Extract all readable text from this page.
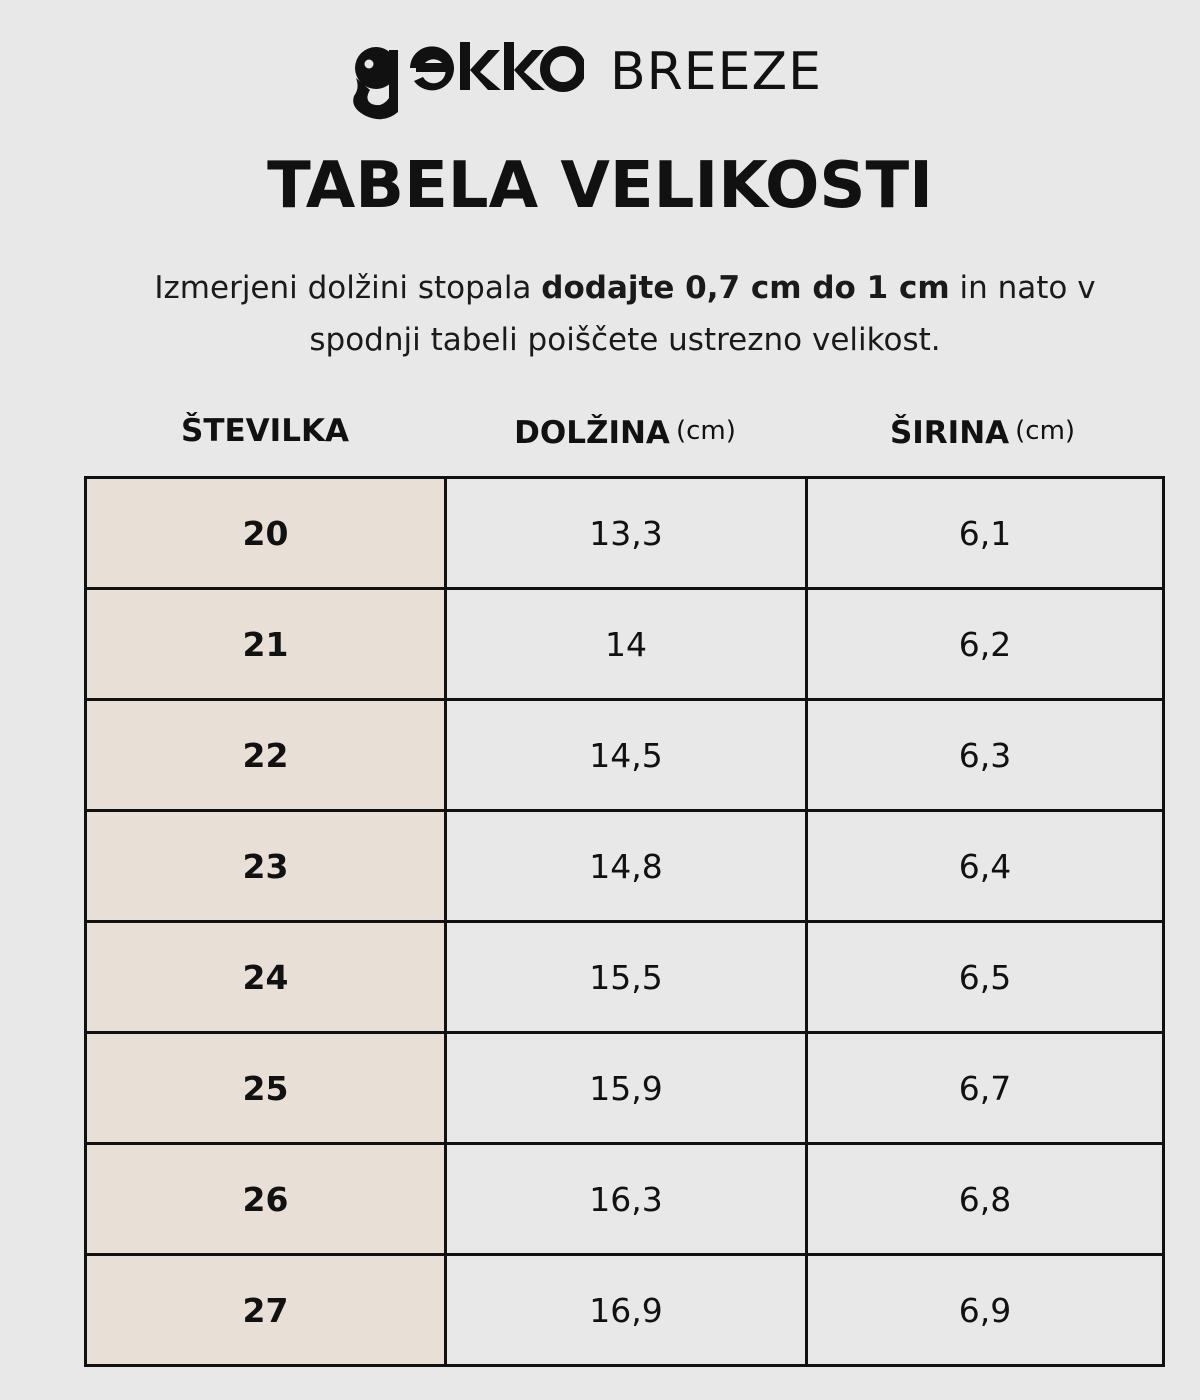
BREEZE
TABELA VELIKOSTI
Izmerjeni dolžini stopala dodajte 0,7 cm do 1 cm in nato v spodnji tabeli poiščete ustrezno velikost.
ŠTEVILKA	DOLŽINA (cm)	ŠIRINA (cm)
20	13,3	6,1
21	14	6,2
22	14,5	6,3
23	14,8	6,4
24	15,5	6,5
25	15,9	6,7
26	16,3	6,8
27	16,9	6,9
